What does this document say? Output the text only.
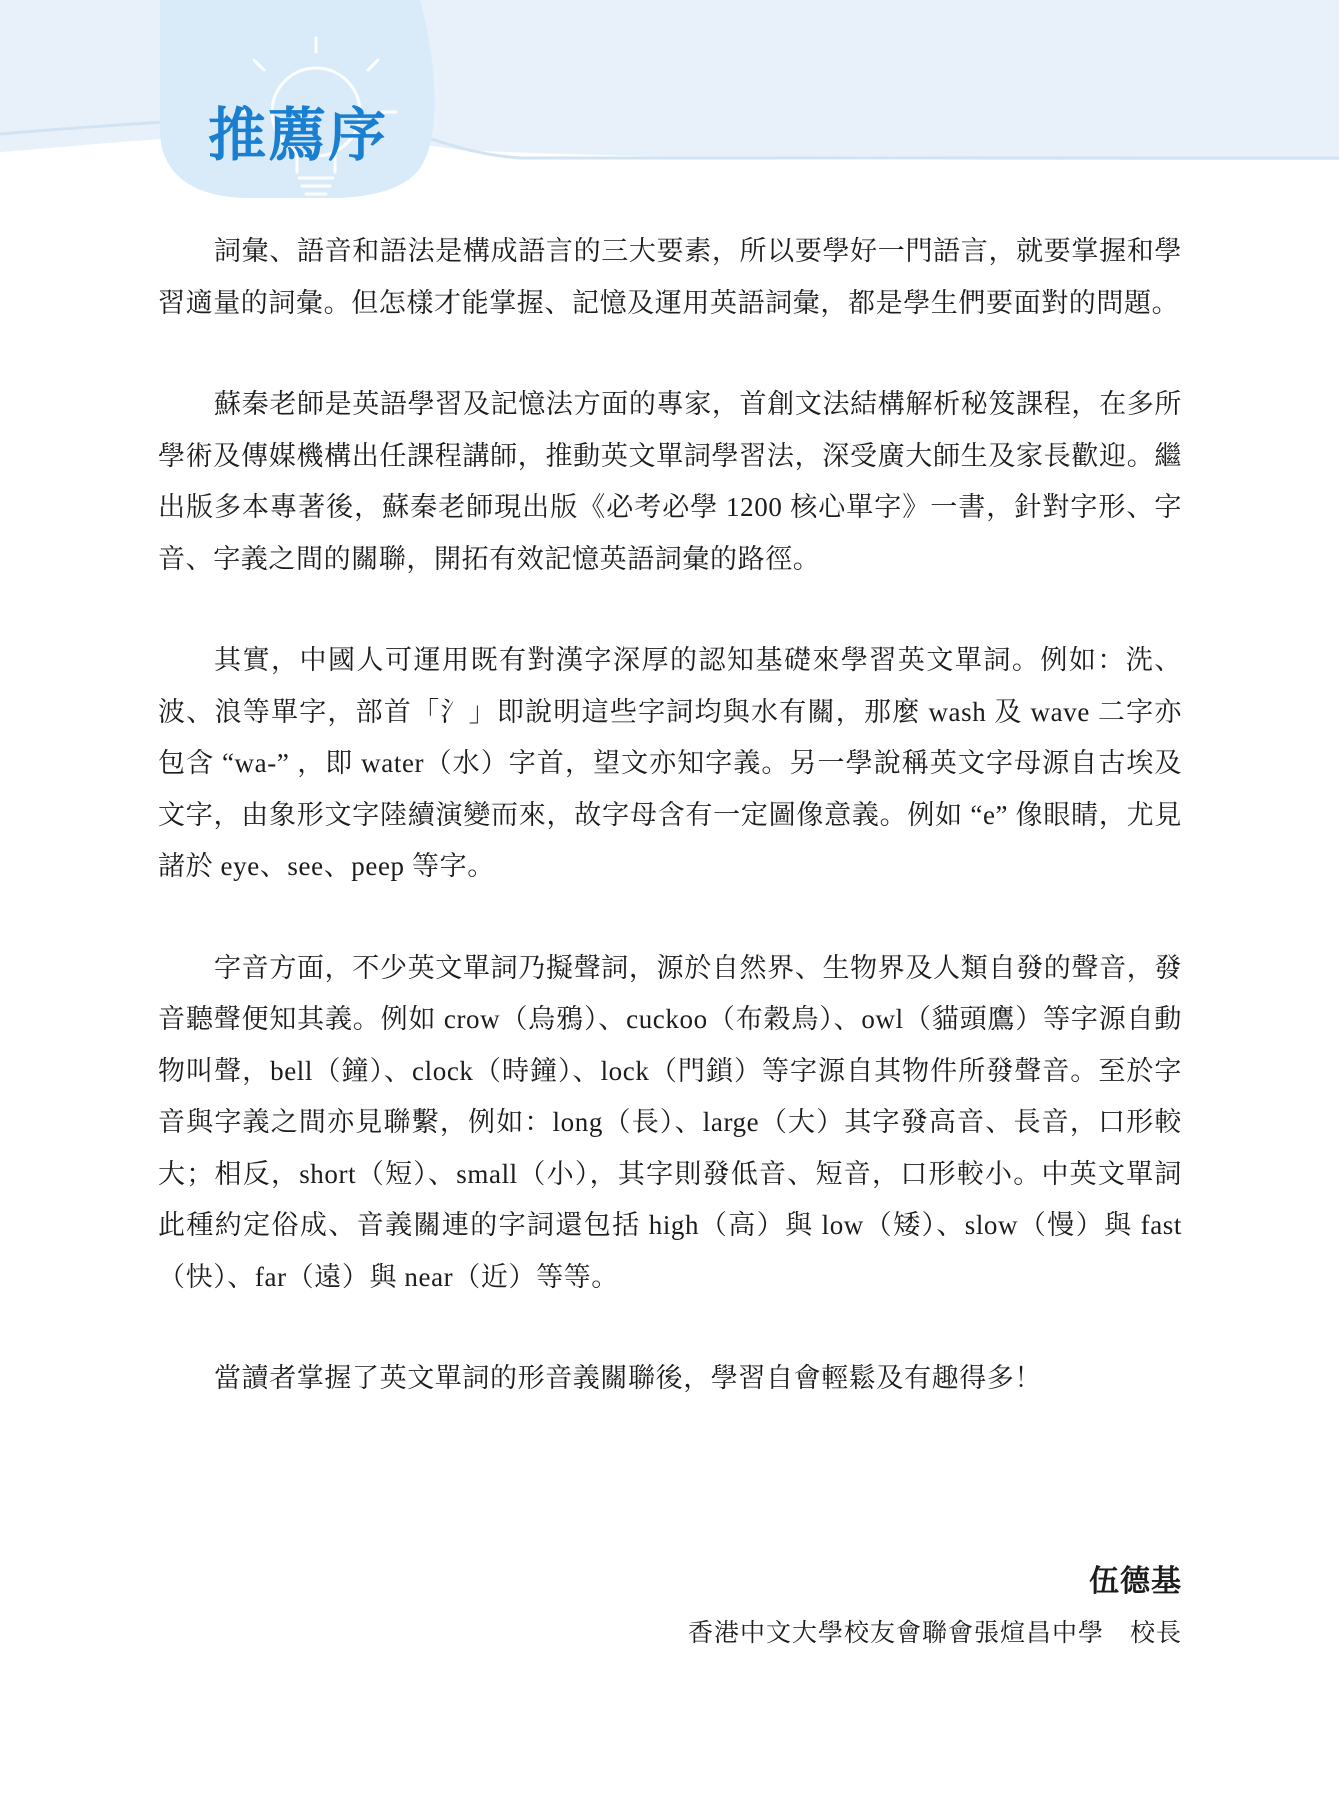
推薦序

詞彙、語音和語法是構成語言的三大要素，所以要學好一門語言，就要掌握和學習適量的詞彙。但怎樣才能掌握、記憶及運用英語詞彙，都是學生們要面對的問題。

蘇秦老師是英語學習及記憶法方面的專家，首創文法結構解析秘笈課程，在多所學術及傳媒機構出任課程講師，推動英文單詞學習法，深受廣大師生及家長歡迎。繼出版多本專著後，蘇秦老師現出版《必考必學 1200 核心單字》一書，針對字形、字音、字義之間的關聯，開拓有效記憶英語詞彙的路徑。

其實，中國人可運用既有對漢字深厚的認知基礎來學習英文單詞。例如：洗、波、浪等單字，部首「氵」即說明這些字詞均與水有關，那麼 wash 及 wave 二字亦包含 “wa-” ，即 water（水）字首，望文亦知字義。另一學說稱英文字母源自古埃及文字，由象形文字陸續演變而來，故字母含有一定圖像意義。例如 “e” 像眼睛，尤見諸於 eye、see、peep 等字。

字音方面，不少英文單詞乃擬聲詞，源於自然界、生物界及人類自發的聲音，發音聽聲便知其義。例如 crow（烏鴉）、cuckoo（布穀鳥）、owl（貓頭鷹）等字源自動物叫聲，bell（鐘）、clock（時鐘）、lock（門鎖）等字源自其物件所發聲音。至於字音與字義之間亦見聯繫，例如：long（長）、large（大）其字發高音、長音，口形較大；相反，short（短）、small（小），其字則發低音、短音，口形較小。中英文單詞此種約定俗成、音義關連的字詞還包括 high（高）與 low（矮）、slow（慢）與 fast（快）、far（遠）與 near（近）等等。

當讀者掌握了英文單詞的形音義關聯後，學習自會輕鬆及有趣得多！

伍德基

香港中文大學校友會聯會張煊昌中學　校長
